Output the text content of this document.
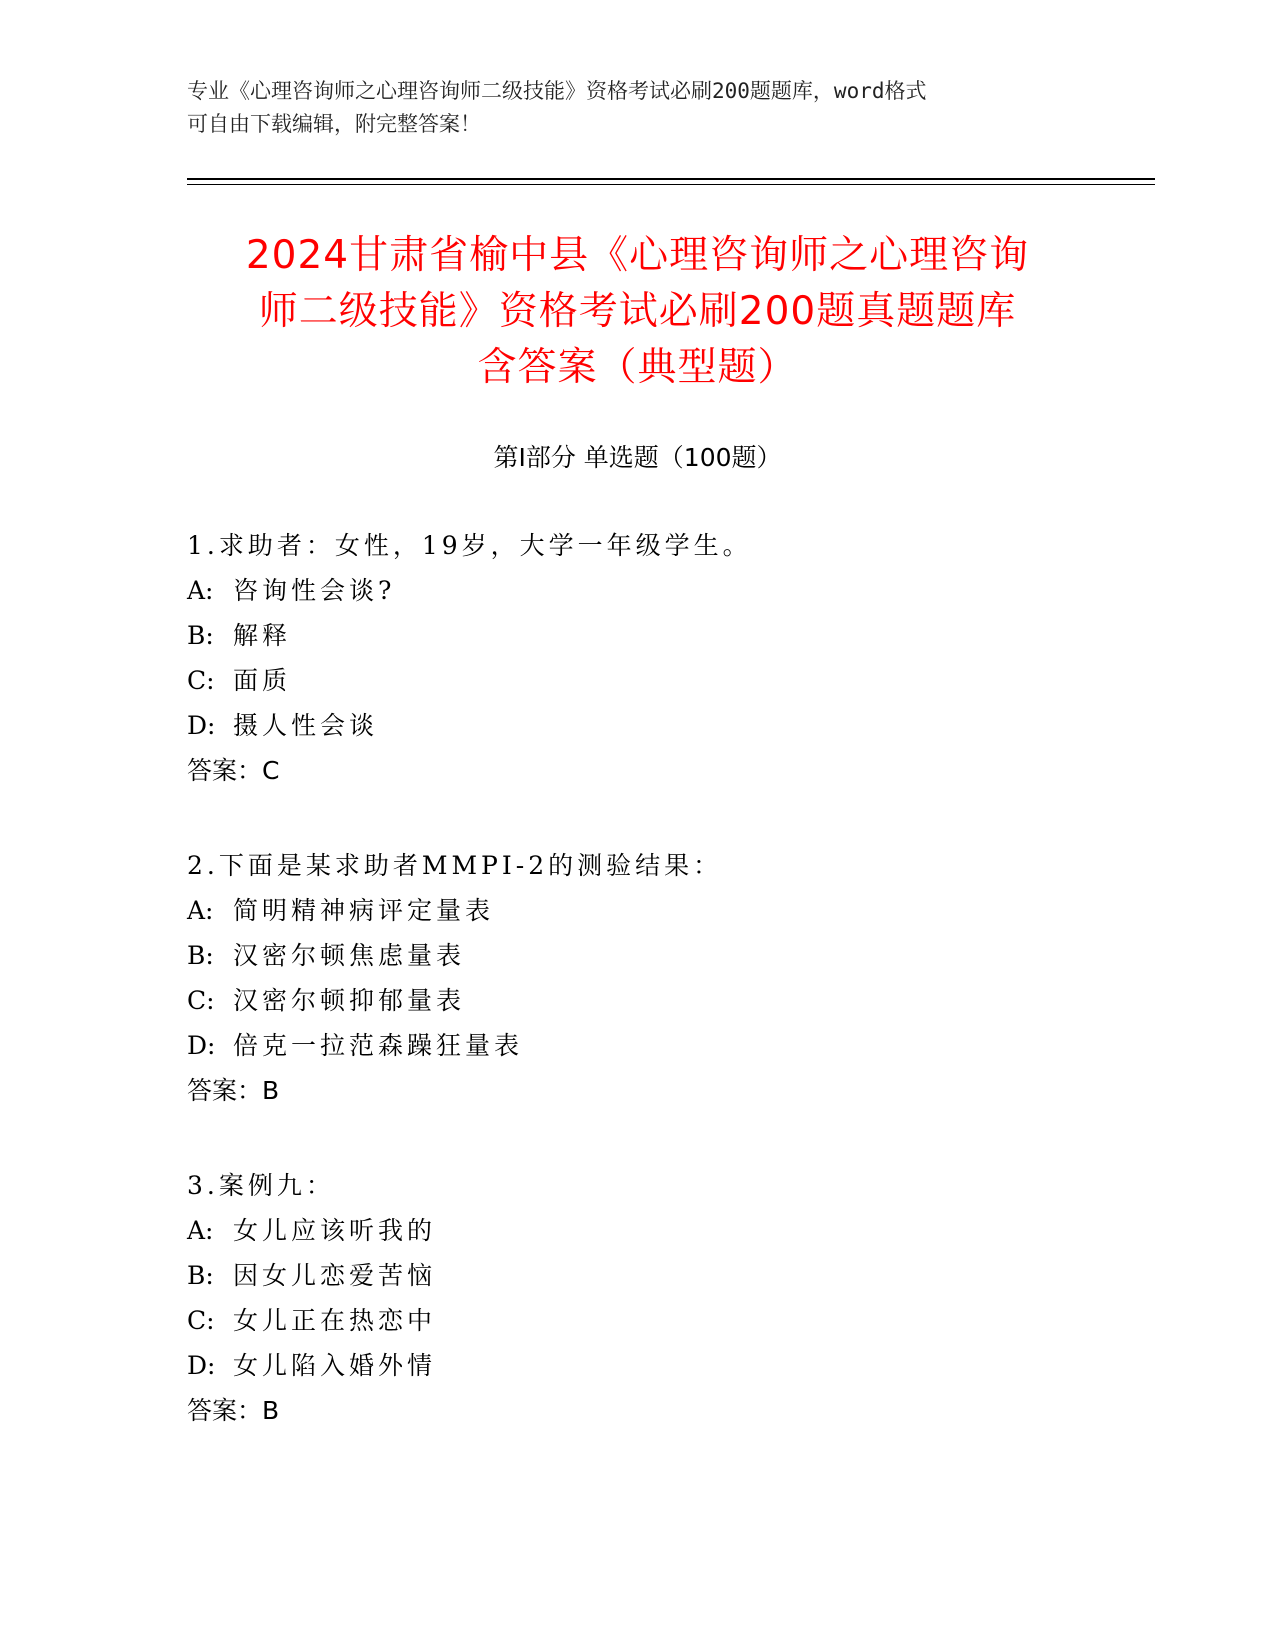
专业《心理咨询师之心理咨询师二级技能》资格考试必刷200题题库，word格式
可自由下载编辑，附完整答案！
2024甘肃省榆中县《心理咨询师之心理咨询
师二级技能》资格考试必刷200题真题题库
含答案（典型题）
第Ⅰ部分 单选题（100题）
1.求助者：女性，19岁，大学一年级学生。
A: 咨询性会谈?
B: 解释
C: 面质
D: 摄人性会谈
答案：C
2.下面是某求助者MMPI-2的测验结果：
A: 简明精神病评定量表
B: 汉密尔顿焦虑量表
C: 汉密尔顿抑郁量表
D: 倍克一拉范森躁狂量表
答案：B
3.案例九：
A: 女儿应该听我的
B: 因女儿恋爱苦恼
C: 女儿正在热恋中
D: 女儿陷入婚外情
答案：B
